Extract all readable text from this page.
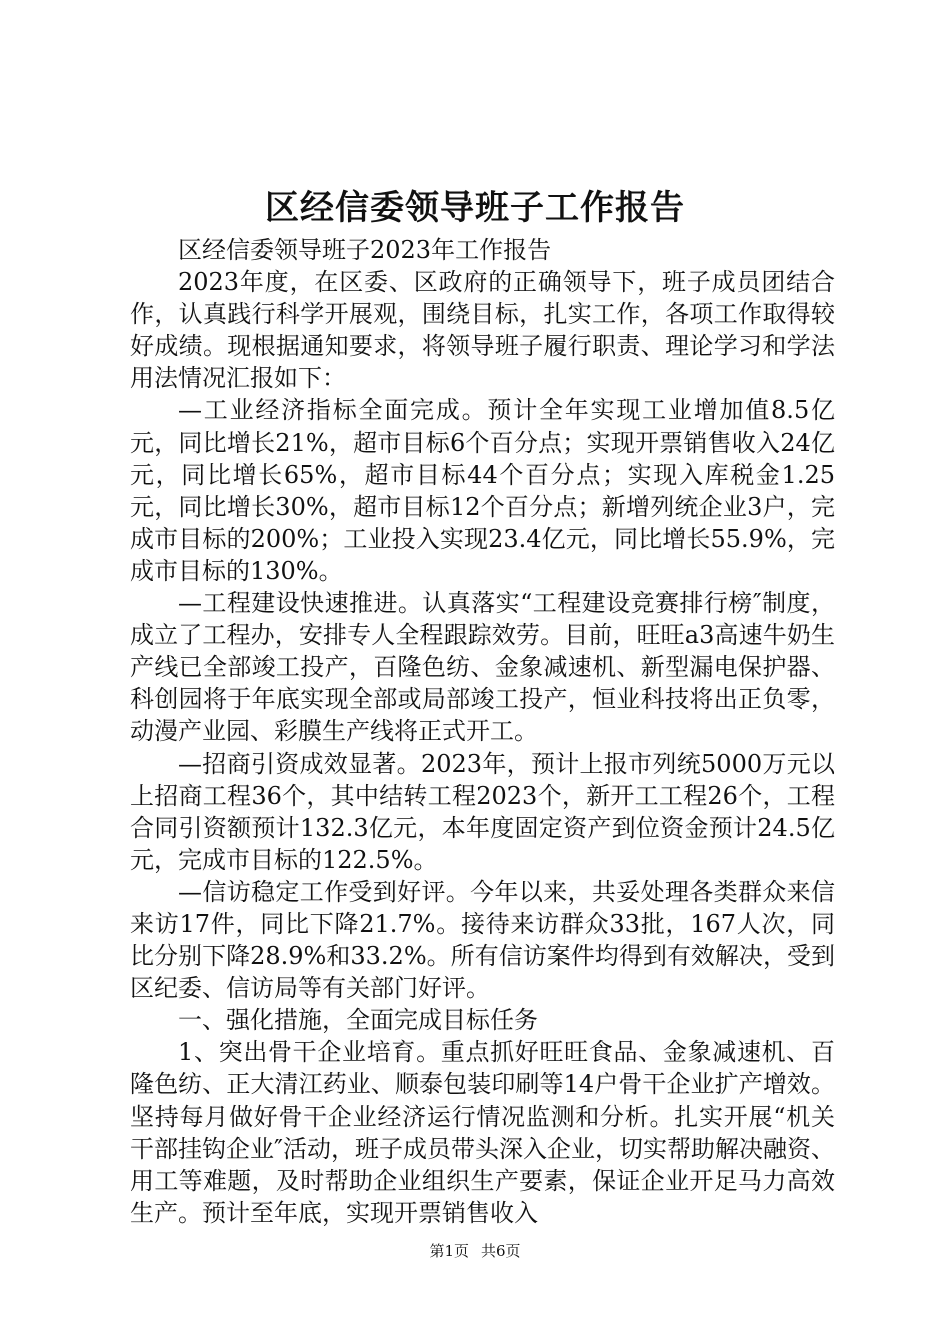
区经信委领导班子工作报告

区经信委领导班子2023年工作报告

2023年度，在区委、区政府的正确领导下，班子成员团结合作，认真践行科学开展观，围绕目标，扎实工作，各项工作取得较好成绩。现根据通知要求，将领导班子履行职责、理论学习和学法用法情况汇报如下：

—工业经济指标全面完成。预计全年实现工业增加值8.5亿元，同比增长21%，超市目标6个百分点；实现开票销售收入24亿元，同比增长65%，超市目标44个百分点；实现入库税金1.25元，同比增长30%，超市目标12个百分点；新增列统企业3户，完成市目标的200%；工业投入实现23.4亿元，同比增长55.9%，完成市目标的130%。

—工程建设快速推进。认真落实“工程建设竞赛排行榜″制度，成立了工程办，安排专人全程跟踪效劳。目前，旺旺a3高速牛奶生产线已全部竣工投产，百隆色纺、金象减速机、新型漏电保护器、科创园将于年底实现全部或局部竣工投产，恒业科技将出正负零，动漫产业园、彩膜生产线将正式开工。

—招商引资成效显著。2023年，预计上报市列统5000万元以上招商工程36个，其中结转工程2023个，新开工工程26个，工程合同引资额预计132.3亿元，本年度固定资产到位资金预计24.5亿元，完成市目标的122.5%。

—信访稳定工作受到好评。今年以来，共妥处理各类群众来信来访17件，同比下降21.7%。接待来访群众33批，167人次，同比分别下降28.9%和33.2%。所有信访案件均得到有效解决，受到区纪委、信访局等有关部门好评。

一、强化措施，全面完成目标任务

1、突出骨干企业培育。重点抓好旺旺食品、金象减速机、百隆色纺、正大清江药业、顺泰包装印刷等14户骨干企业扩产增效。坚持每月做好骨干企业经济运行情况监测和分析。扎实开展“机关干部挂钩企业″活动，班子成员带头深入企业，切实帮助解决融资、用工等难题，及时帮助企业组织生产要素，保证企业开足马力高效生产。预计至年底，实现开票销售收入

第1页 共6页
